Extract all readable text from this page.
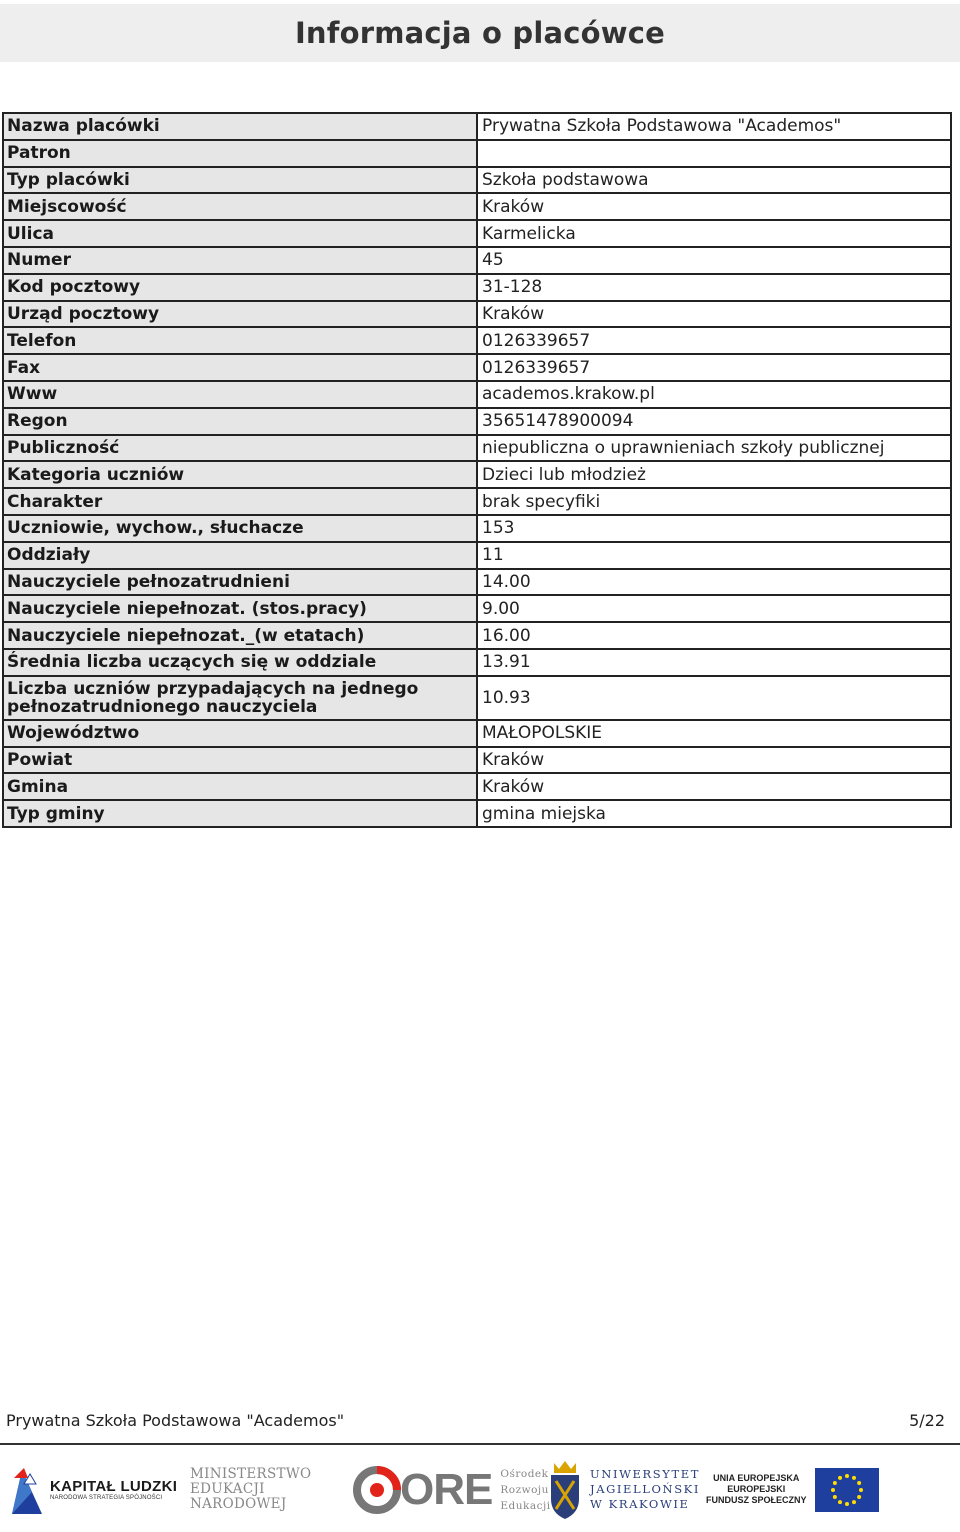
Informacja o placówce
Nazwa placówki	Prywatna Szkoła Podstawowa "Academos"
Patron	
Typ placówki	Szkoła podstawowa
Miejscowość	Kraków
Ulica	Karmelicka
Numer	45
Kod pocztowy	31-128
Urząd pocztowy	Kraków
Telefon	0126339657
Fax	0126339657
Www	academos.krakow.pl
Regon	35651478900094
Publiczność	niepubliczna o uprawnieniach szkoły publicznej
Kategoria uczniów	Dzieci lub młodzież
Charakter	brak specyfiki
Uczniowie, wychow., słuchacze	153
Oddziały	11
Nauczyciele pełnozatrudnieni	14.00
Nauczyciele niepełnozat. (stos.pracy)	9.00
Nauczyciele niepełnozat._(w etatach)	16.00
Średnia liczba uczących się w oddziale	13.91
Liczba uczniów przypadających na jednego pełnozatrudnionego nauczyciela	10.93
Województwo	MAŁOPOLSKIE
Powiat	Kraków
Gmina	Kraków
Typ gminy	gmina miejska
Prywatna Szkoła Podstawowa "Academos"	5/22
KAPITAŁ LUDZKI
NARODOWA STRATEGIA SPÓJNOŚCI
MINISTERSTWO
EDUKACJI
NARODOWEJ	ORE Ośrodek
Rozwoju
Edukacji
UNIWERSYTET
JAGIELLOŃSKI
W KRAKOWIE
UNIA EUROPEJSKA
EUROPEJSKI
FUNDUSZ SPOŁECZNY
